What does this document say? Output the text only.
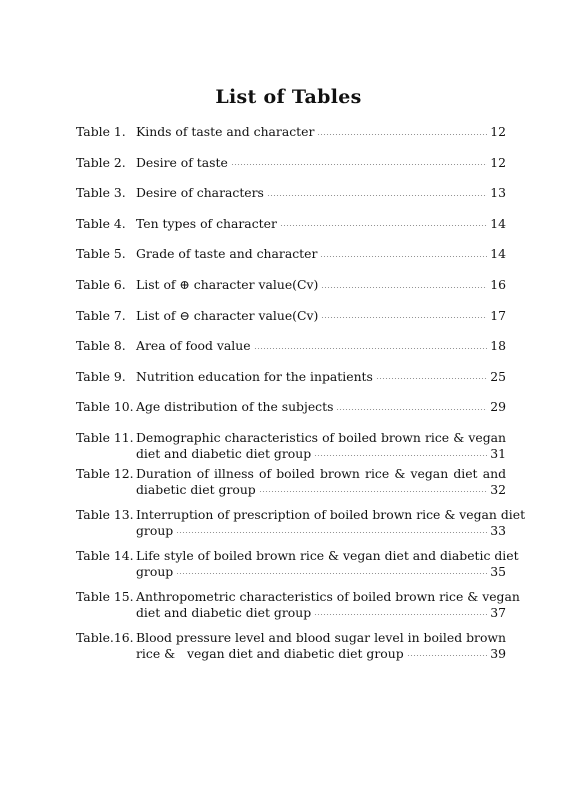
List of Tables
Table 1. Kinds of taste and character	12
Table 2. Desire of taste	12
Table 3. Desire of characters	13
Table 4. Ten types of character	14
Table 5. Grade of taste and character	14
Table 6. List of ⊕ character value(Cv)	16
Table 7. List of ⊖ character value(Cv)	17
Table 8. Area of food value	18
Table 9. Nutrition education for the inpatients	25
Table 10. Age distribution of the subjects	29
Table 11. Demographic characteristics of boiled brown rice & vegan
diet and diabetic diet group	31
Table 12. Duration of illness of boiled brown rice & vegan diet and
diabetic diet group	32
Table 13. Interruption of prescription of boiled brown rice & vegan diet
group	33
Table 14. Life style of boiled brown rice & vegan diet and diabetic diet
group	35
Table 15. Anthropometric characteristics of boiled brown rice & vegan
diet and diabetic diet group	37
Table.16. Blood pressure level and blood sugar level in boiled brown
rice &   vegan diet and diabetic diet group	39
